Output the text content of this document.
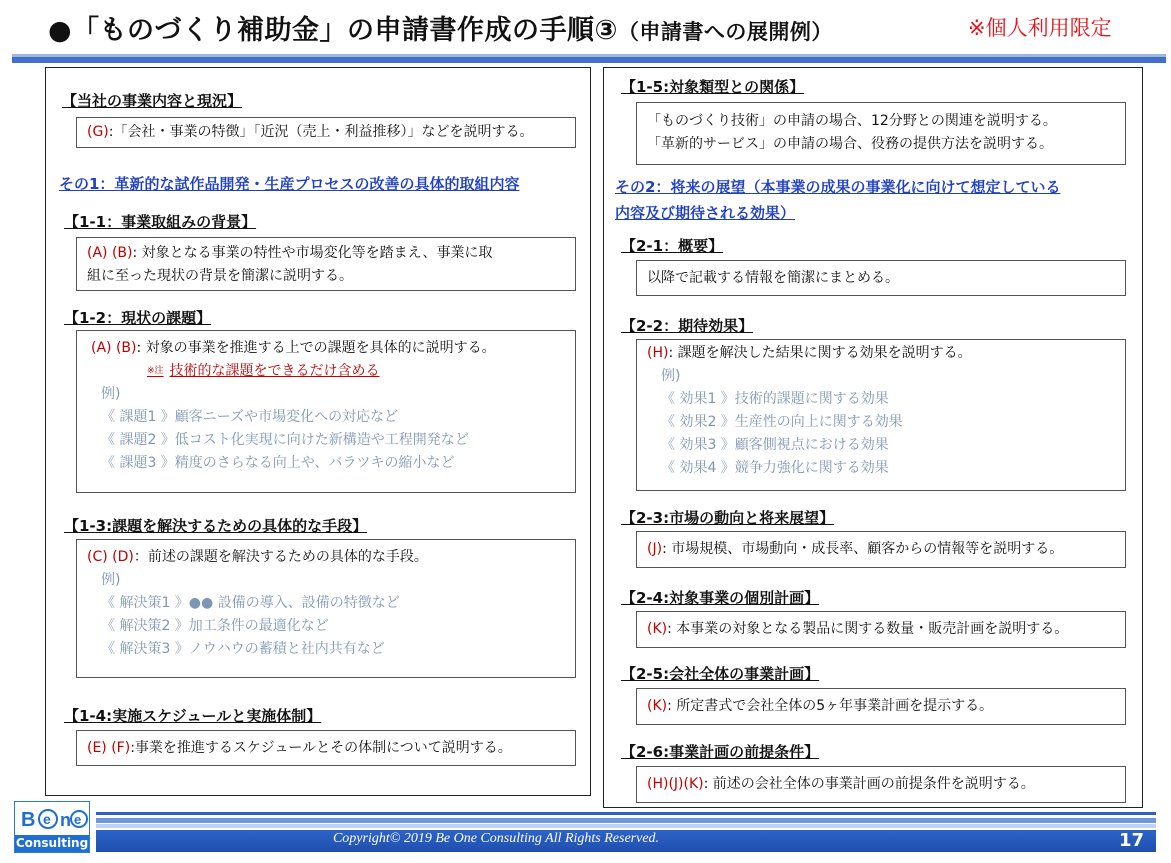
●「ものづくり補助金」の申請書作成の手順③（申請書への展開例）	※個人利用限定
【当社の事業内容と現況】
(G):「会社・事業の特徴」「近況（売上・利益推移）」などを説明する。
その1：革新的な試作品開発・生産プロセスの改善の具体的取組内容
【1-1：事業取組みの背景】
(A) (B): 対象となる事業の特性や市場変化等を踏まえ、事業に取
組に至った現状の背景を簡潔に説明する。
【1-2：現状の課題】
(A) (B): 対象の事業を推進する上での課題を具体的に説明する。
$^{※注}$ 技術的な課題をできるだけ含める
例)
《 課題1 》顧客ニーズや市場変化への対応など
《 課題2 》低コスト化実現に向けた新構造や工程開発など
《 課題3 》精度のさらなる向上や、バラツキの縮小など
【1-3:課題を解決するための具体的な手段】
(C) (D)：前述の課題を解決するための具体的な手段。
例)
《 解決策1 》●● 設備の導入、設備の特徴など
《 解決策2 》加工条件の最適化など
《 解決策3 》ノウハウの蓄積と社内共有など
【1-4:実施スケジュールと実施体制】
(E) (F):事業を推進するスケジュールとその体制について説明する。
【1-5:対象類型との関係】
「ものづくり技術」の申請の場合、12分野との関連を説明する。
「革新的サービス」の申請の場合、役務の提供方法を説明する。
その2：将来の展望（本事業の成果の事業化に向けて想定している
内容及び期待される効果）
【2-1：概要】
以降で記載する情報を簡潔にまとめる。
【2-2：期待効果】
(H): 課題を解決した結果に関する効果を説明する。
例)
《 効果1 》技術的課題に関する効果
《 効果2 》生産性の向上に関する効果
《 効果3 》顧客側視点における効果
《 効果4 》競争力強化に関する効果
【2-3:市場の動向と将来展望】
(J): 市場規模、市場動向・成長率、顧客からの情報等を説明する。
【2-4:対象事業の個別計画】
(K): 本事業の対象となる製品に関する数量・販売計画を説明する。
【2-5:会社全体の事業計画】
(K): 所定書式で会社全体の5ヶ年事業計画を提示する。
【2-6:事業計画の前提条件】
(H)(J)(K): 前述の会社全体の事業計画の前提条件を説明する。
Copyright© 2019 Be One Consulting All Rights Reserved.	17
B e n e
Consulting
